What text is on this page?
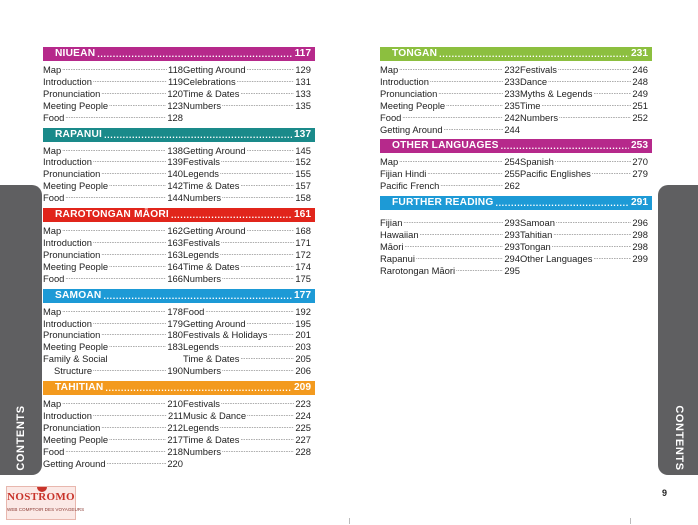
NIUEAN .....	117
Map .....	118
Introduction .....	119
Pronunciation .....	120
Meeting People .....	123
Food .....	128
Getting Around .....	129
Celebrations .....	131
Time & Dates .....	133
Numbers .....	135
RAPANUI .....	137
Map .....	138
Introduction .....	139
Pronunciation .....	140
Meeting People .....	142
Food .....	144
Getting Around .....	145
Festivals .....	152
Legends .....	155
Time & Dates .....	157
Numbers .....	158
RAROTONGAN MĀORI .....	161
Map .....	162
Introduction .....	163
Pronunciation .....	163
Meeting People .....	164
Food .....	166
Getting Around .....	168
Festivals .....	171
Legends .....	172
Time & Dates .....	174
Numbers .....	175
SAMOAN .....	177
Map .....	178
Introduction .....	179
Pronunciation .....	180
Meeting People .....	183
Family & Social
Structure .....	190
Food .....	192
Getting Around .....	195
Festivals & Holidays .....	201
Legends .....	203
Time & Dates .....	205
Numbers .....	206
TAHITIAN .....	209
Map .....	210
Introduction .....	211
Pronunciation .....	212
Meeting People .....	217
Food .....	218
Getting Around .....	220
Festivals .....	223
Music & Dance .....	224
Legends .....	225
Time & Dates .....	227
Numbers .....	228
TONGAN .....	231
Map .....	232
Introduction .....	233
Pronunciation .....	233
Meeting People .....	235
Food .....	242
Getting Around .....	244
Festivals .....	246
Dance .....	248
Myths & Legends .....	249
Time .....	251
Numbers .....	252
OTHER LANGUAGES .....	253
Map .....	254
Fijian Hindi .....	255
Pacific French .....	262
Spanish .....	270
Pacific Englishes .....	279
FURTHER READING .....	291
Fijian .....	293
Hawaiian .....	293
Māori .....	293
Rapanui .....	294
Rarotongan Māori .....	295
Samoan .....	296
Tahitian .....	298
Tongan .....	298
Other Languages .....	299
CONTENTS	CONTENTS
9
NOSTROMO
WEB COMPTOIR DES VOYAGEURS
